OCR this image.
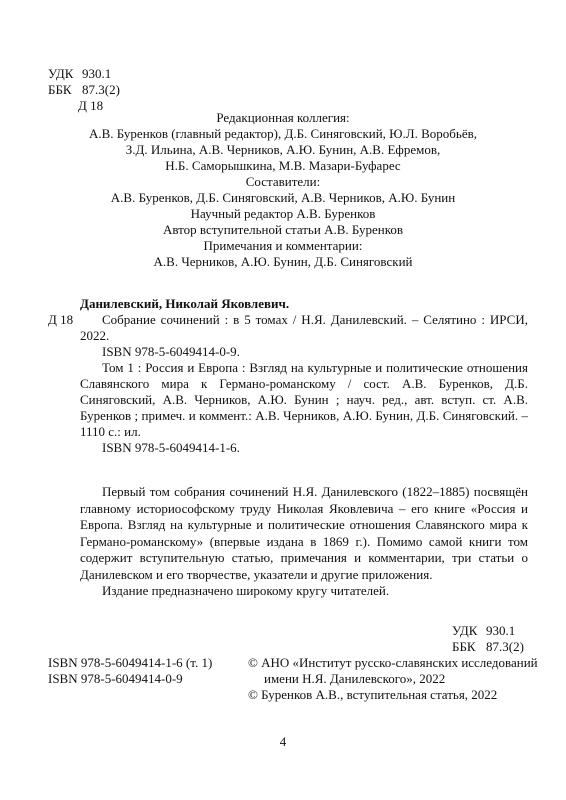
УДК 930.1
ББК 87.3(2)
Д 18
Редакционная коллегия:
А.В. Буренков (главный редактор), Д.Б. Синяговский, Ю.Л. Воробьёв,
З.Д. Ильина, А.В. Черников, А.Ю. Бунин, А.В. Ефремов,
Н.Б. Саморышкина, М.В. Мазари-Буфарес
Составители:
А.В. Буренков, Д.Б. Синяговский, А.В. Черников, А.Ю. Бунин
Научный редактор А.В. Буренков
Автор вступительной статьи А.В. Буренков
Примечания и комментарии:
А.В. Черников, А.Ю. Бунин, Д.Б. Синяговский
Данилевский, Николай Яковлевич.
Д 18	Собрание сочинений : в 5 томах / Н.Я. Данилевский. – Селятино : ИРСИ, 2022.

ISBN 978-5-6049414-0-9.

Том 1 : Россия и Европа : Взгляд на культурные и политические отношения Славянского мира к Германо-романскому / сост. А.В. Буренков, Д.Б. Синяговский, А.В. Черников, А.Ю. Бунин ; науч. ред., авт. вступ. ст. А.В. Буренков ; примеч. и коммент.: А.В. Черников, А.Ю. Бунин, Д.Б. Синяговский. – 1110 с.: ил.

ISBN 978-5-6049414-1-6.

Первый том собрания сочинений Н.Я. Данилевского (1822–1885) посвящён главному историософскому труду Николая Яковлевича – его книге «Россия и Европа. Взгляд на культурные и политические отношения Славянского мира к Германо-романскому» (впервые издана в 1869 г.). Помимо самой книги том содержит вступительную статью, примечания и комментарии, три статьи о Данилевском и его творчестве, указатели и другие приложения.

Издание предназначено широкому кругу читателей.

УДК 930.1
ББК 87.3(2)
ISBN 978-5-6049414-1-6 (т. 1)
ISBN 978-5-6049414-0-9

© АНО «Институт русско-славянских исследований имени Н.Я. Данилевского», 2022

© Буренков А.В., вступительная статья, 2022

4
